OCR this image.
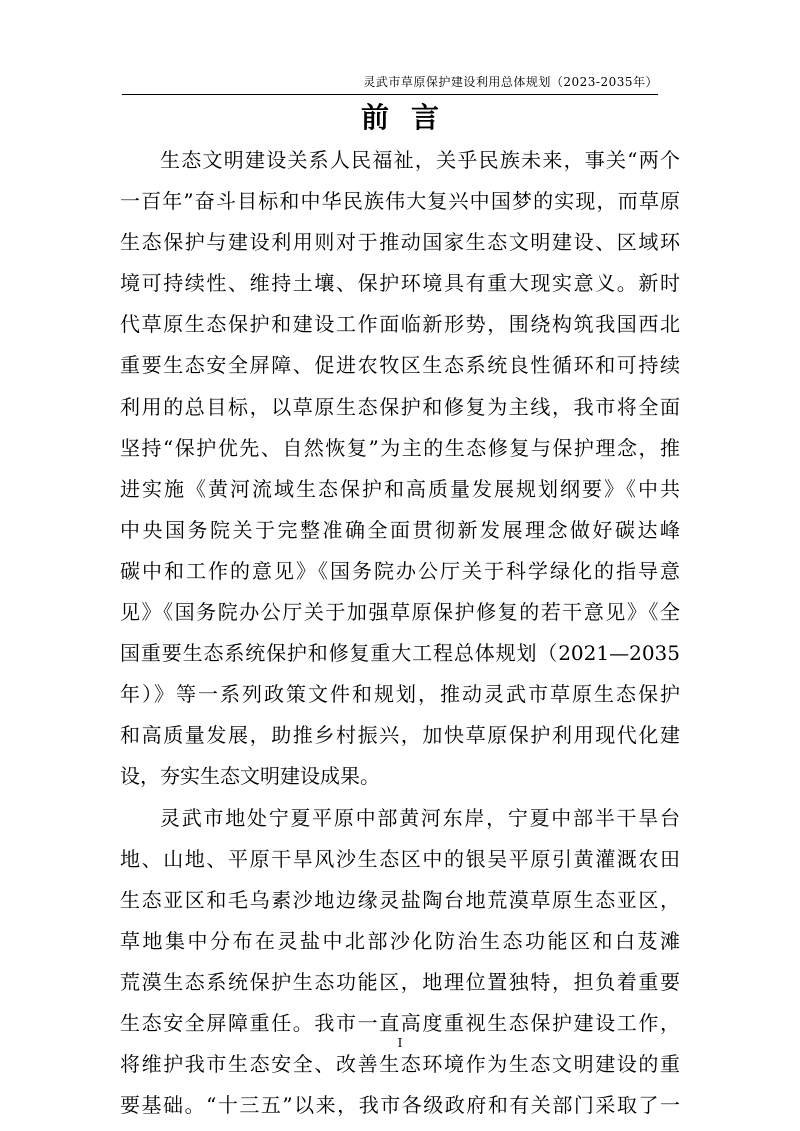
灵武市草原保护建设利用总体规划（2023-2035年）
前言
生态文明建设关系人民福祉，关乎民族未来，事关“两个
一百年”奋斗目标和中华民族伟大复兴中国梦的实现，而草原
生态保护与建设利用则对于推动国家生态文明建设、区域环
境可持续性、维持土壤、保护环境具有重大现实意义。新时
代草原生态保护和建设工作面临新形势，围绕构筑我国西北
重要生态安全屏障、促进农牧区生态系统良性循环和可持续
利用的总目标，以草原生态保护和修复为主线，我市将全面
坚持“保护优先、自然恢复”为主的生态修复与保护理念，推
进实施《黄河流域生态保护和高质量发展规划纲要》《中共
中央国务院关于完整准确全面贯彻新发展理念做好碳达峰
碳中和工作的意见》《国务院办公厅关于科学绿化的指导意
见》《国务院办公厅关于加强草原保护修复的若干意见》《全
国重要生态系统保护和修复重大工程总体规划（2021—2035
年）》等一系列政策文件和规划，推动灵武市草原生态保护
和高质量发展，助推乡村振兴，加快草原保护利用现代化建
设，夯实生态文明建设成果。
灵武市地处宁夏平原中部黄河东岸，宁夏中部半干旱台
地、山地、平原干旱风沙生态区中的银吴平原引黄灌溉农田
生态亚区和毛乌素沙地边缘灵盐陶台地荒漠草原生态亚区，
草地集中分布在灵盐中北部沙化防治生态功能区和白芨滩
荒漠生态系统保护生态功能区，地理位置独特，担负着重要
生态安全屏障重任。我市一直高度重视生态保护建设工作，
将维护我市生态安全、改善生态环境作为生态文明建设的重
要基础。“十三五”以来，我市各级政府和有关部门采取了一
I
